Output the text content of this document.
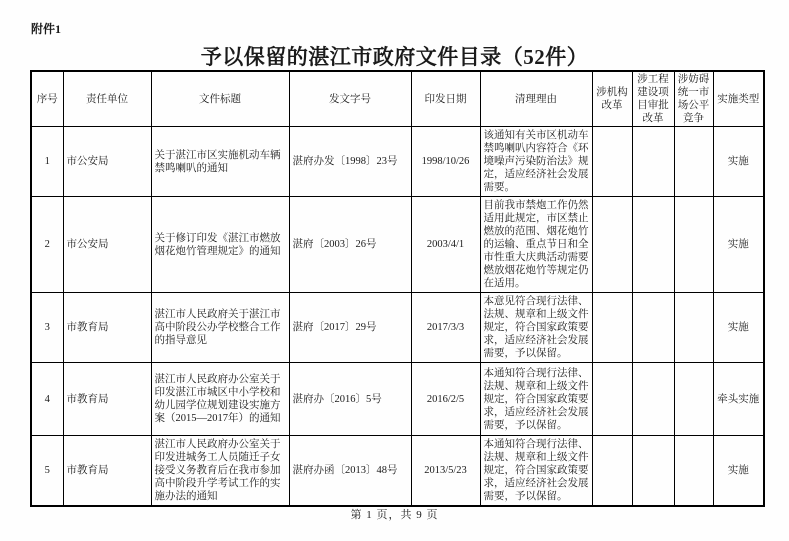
附件1
予以保留的湛江市政府文件目录（52件）
序号	责任单位	文件标题	发文字号	印发日期	清理理由	涉机构改革	涉工程建设项目审批改革	涉妨碍统一市场公平竞争	实施类型
1	市公安局	关于湛江市区实施机动车辆禁鸣喇叭的通知	湛府办发〔1998〕23号	1998/10/26	该通知有关市区机动车禁鸣喇叭内容符合《环境噪声污染防治法》规定，适应经济社会发展需要。				实施
2	市公安局	关于修订印发《湛江市燃放烟花炮竹管理规定》的通知	湛府〔2003〕26号	2003/4/1	目前我市禁炮工作仍然适用此规定，市区禁止燃放的范围、烟花炮竹的运输、重点节日和全市性重大庆典活动需要燃放烟花炮竹等规定仍在适用。				实施
3	市教育局	湛江市人民政府关于湛江市高中阶段公办学校整合工作的指导意见	湛府〔2017〕29号	2017/3/3	本意见符合现行法律、法规、规章和上级文件规定，符合国家政策要求，适应经济社会发展需要，予以保留。				实施
4	市教育局	湛江市人民政府办公室关于印发湛江市城区中小学校和幼儿园学位规划建设实施方案（2015—2017年）的通知	湛府办〔2016〕5号	2016/2/5	本通知符合现行法律、法规、规章和上级文件规定，符合国家政策要求，适应经济社会发展需要，予以保留。				牵头实施
5	市教育局	湛江市人民政府办公室关于印发进城务工人员随迁子女接受义务教育后在我市参加高中阶段升学考试工作的实施办法的通知	湛府办函〔2013〕48号	2013/5/23	本通知符合现行法律、法规、规章和上级文件规定，符合国家政策要求，适应经济社会发展需要，予以保留。				实施
第 1 页，共 9 页
